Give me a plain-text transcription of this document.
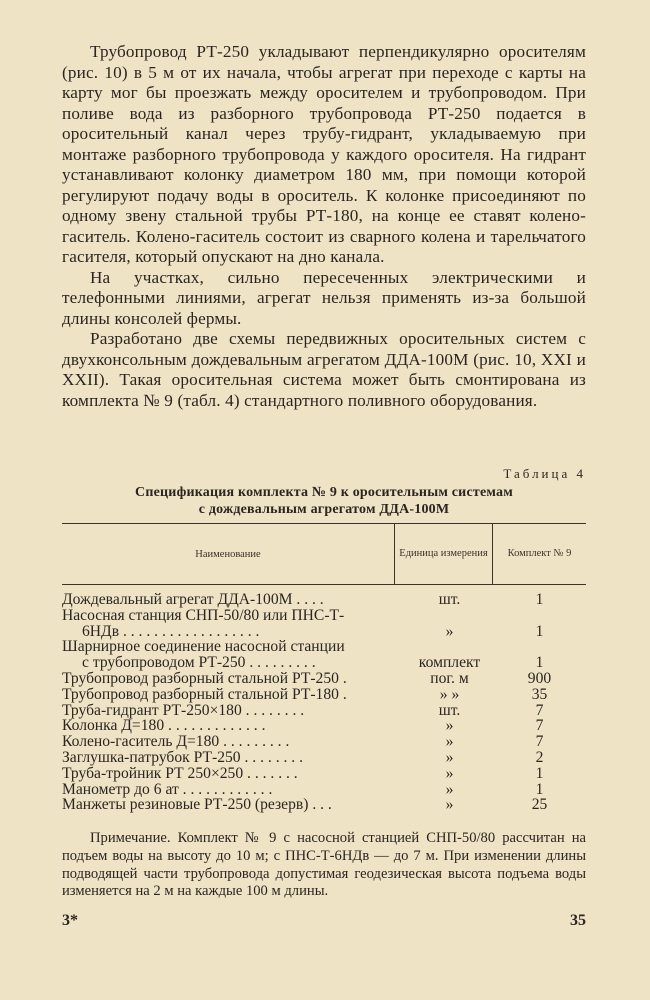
Трубопровод РТ-250 укладывают перпендикулярно оросителям (рис. 10) в 5 м от их начала, чтобы агрегат при переходе с карты на карту мог бы проезжать между оросителем и трубопроводом. При поливе вода из разборного трубопровода РТ-250 подается в оросительный канал через трубу-гидрант, укладываемую при монтаже разборного трубопровода у каждого оросителя. На гидрант устанавливают колонку диаметром 180 мм, при помощи которой регулируют подачу воды в ороситель. К колонке присоединяют по одному звену стальной трубы РТ-180, на конце ее ставят колено-гаситель. Колено-гаситель состоит из сварного колена и тарельчатого гасителя, который опускают на дно канала.

На участках, сильно пересеченных электрическими и телефонными линиями, агрегат нельзя применять из-за большой длины консолей фермы.

Разработано две схемы передвижных оросительных систем с двухконсольным дождевальным агрегатом ДДА-100М (рис. 10, XXI и XXII). Такая оросительная система может быть смонтирована из комплекта № 9 (табл. 4) стандартного поливного оборудования.

Таблица 4
Спецификация комплекта № 9 к оросительным системам
с дождевальным агрегатом ДДА-100М
Наименование	Единица измерения	Комплект № 9
Дождевальный агрегат ДДА-100М . . . .	шт.	1
Насосная станция СНП-50/80 или ПНС-Т-
6НДв . . . . . . . . . . . . . . . . . .	»	1
Шарнирное соединение насосной станции
с трубопроводом РТ-250 . . . . . . . . .	комплект	1
Трубопровод разборный стальной РТ-250 .	пог. м	900
Трубопровод разборный стальной РТ-180 .	» »	35
Труба-гидрант РТ-250×180 . . . . . . . .	шт.	7
Колонка Д=180 . . . . . . . . . . . . .	»	7
Колено-гаситель Д=180 . . . . . . . . .	»	7
Заглушка-патрубок РТ-250 . . . . . . . .	»	2
Труба-тройник РТ 250×250 . . . . . . .	»	1
Манометр до 6 ат . . . . . . . . . . . .	»	1
Манжеты резиновые РТ-250 (резерв) . . .	»	25

Примечание. Комплект № 9 с насосной станцией СНП-50/80 рассчитан на подъем воды на высоту до 10 м; с ПНС-Т-6НДв — до 7 м. При изменении длины подводящей части трубопровода допустимая геодезическая высота подъема воды изменяется на 2 м на каждые 100 м длины.

3*	35
